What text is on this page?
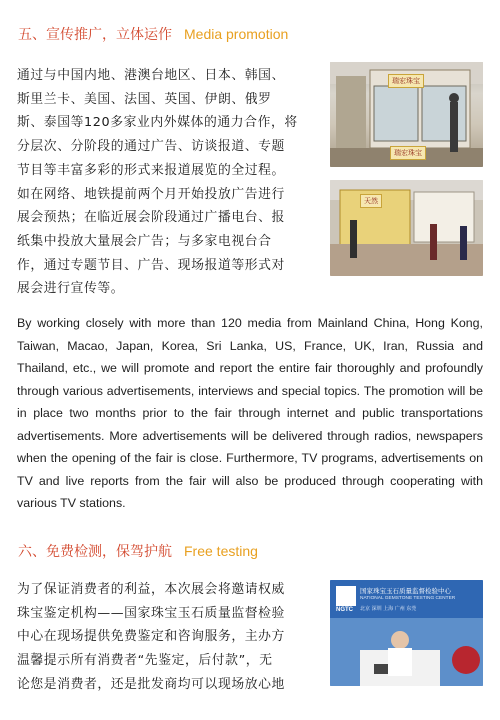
五、宣传推广，立体运作 Media promotion
通过与中国内地、港澳台地区、日本、韩国、
斯里兰卡、美国、法国、英国、伊朗、俄罗
斯、泰国等120多家业内外媒体的通力合作，将
分层次、分阶段的通过广告、访谈报道、专题
节目等丰富多彩的形式来报道展览的全过程。
如在网络、地铁提前两个月开始投放广告进行
展会预热；在临近展会阶段通过广播电台、报
纸集中投放大量展会广告；与多家电视台合
作，通过专题节目、广告、现场报道等形式对
展会进行宣传等。
瑞宏珠宝
瑞宏珠宝
天然
By working closely with more than 120 media from Mainland China, Hong Kong, Taiwan, Macao, Japan, Korea, Sri Lanka, US, France, UK, Iran, Russia and Thailand, etc., we will promote and report the entire fair thoroughly and profoundly through various advertisements, interviews and special topics. The promotion will be in place two months prior to the fair through internet and public transportations advertisements. More advertisements will be delivered through radios, newspapers when the opening of the fair is close. Furthermore, TV programs, advertisements on TV and live reports from the fair will also be produced through cooperating with various TV stations.
六、免费检测，保驾护航 Free testing
为了保证消费者的利益，本次展会将邀请权威
珠宝鉴定机构——国家珠宝玉石质量监督检验
中心在现场提供免费鉴定和咨询服务，主办方
温馨提示所有消费者“先鉴定，后付款”，无
论您是消费者，还是批发商均可以现场放心地
NGTC
国家珠宝玉石质量监督检验中心
NATIONAL GEMSTONE TESTING CENTER
北京 深圳 上海 广州 东莞
